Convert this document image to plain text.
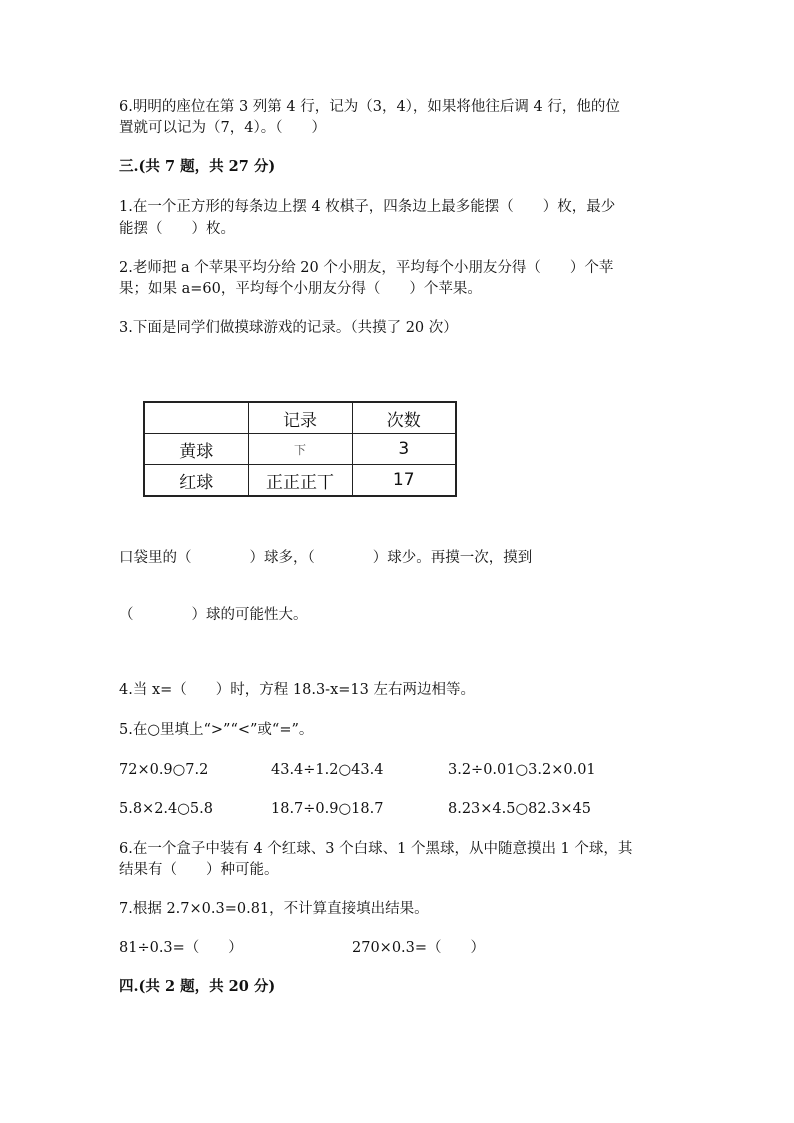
6.明明的座位在第 3 列第 4 行，记为（3，4），如果将他往后调 4 行，他的位
置就可以记为（7，4）。（　　）
三.(共 7 题，共 27 分)
1.在一个正方形的每条边上摆 4 枚棋子，四条边上最多能摆（　　）枚，最少
能摆（　　）枚。
2.老师把 a 个苹果平均分给 20 个小朋友，平均每个小朋友分得（　　）个苹
果；如果 a=60，平均每个小朋友分得（　　）个苹果。
3.下面是同学们做摸球游戏的记录。（共摸了 20 次）
	记录	次数
黄球	下	3
红球	正正正丅	17
口袋里的（　　　　）球多，（　　　　）球少。再摸一次，摸到
（　　　　）球的可能性大。
4.当 x=（　　）时，方程 18.3-x=13 左右两边相等。
5.在○里填上“>”“<”或“=”。
72×0.9○7.2	43.4÷1.2○43.4	3.2÷0.01○3.2×0.01
5.8×2.4○5.8	18.7÷0.9○18.7	8.23×4.5○82.3×45
6.在一个盒子中装有 4 个红球、3 个白球、1 个黑球，从中随意摸出 1 个球，其
结果有（　　）种可能。
7.根据 2.7×0.3=0.81，不计算直接填出结果。
81÷0.3=（　　）	270×0.3=（　　）
四.(共 2 题，共 20 分)
